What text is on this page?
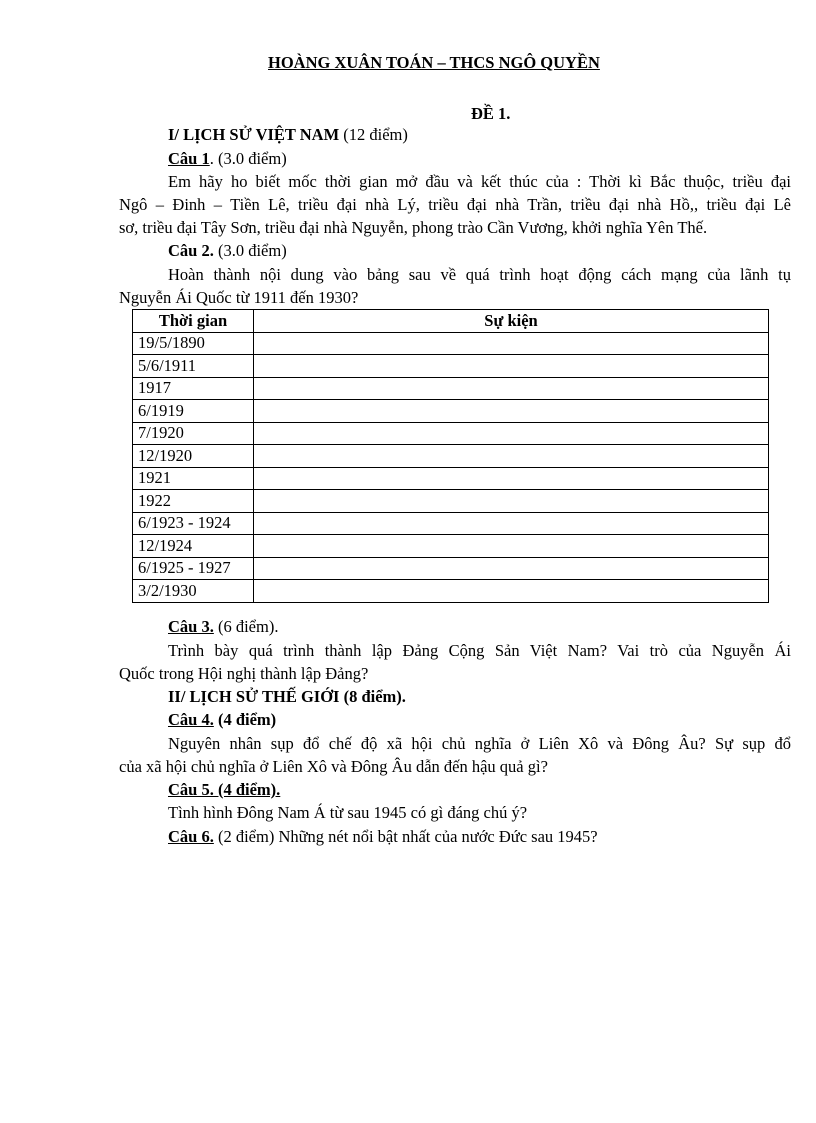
HOÀNG XUÂN TOÁN – THCS NGÔ QUYỀN
ĐỀ 1.
I/ LỊCH SỬ VIỆT NAM (12 điểm)
Câu 1. (3.0 điểm)
Em hãy ho biết mốc thời gian mở đầu và kết thúc của : Thời kì Bắc thuộc, triều đại
Ngô – Đinh – Tiền Lê, triều đại nhà Lý, triều đại nhà Trần, triều đại nhà Hồ,, triều đại Lê
sơ, triều đại Tây Sơn, triều đại nhà Nguyễn, phong trào Cần Vương, khởi nghĩa Yên Thế.
Câu 2. (3.0 điểm)
Hoàn thành nội dung vào bảng sau về quá trình hoạt động cách mạng của lãnh tụ
Nguyễn Ái Quốc từ 1911 đến 1930?
Thời gian	Sự kiện
19/5/1890	
5/6/1911	
1917	
6/1919	
7/1920	
12/1920	
1921	
1922	
6/1923 - 1924	
12/1924	
6/1925 - 1927	
3/2/1930	
Câu 3. (6 điểm).
Trình bày quá trình thành lập Đảng Cộng Sản Việt Nam? Vai trò của Nguyễn Ái
Quốc trong Hội nghị thành lập Đảng?
II/ LỊCH SỬ THẾ GIỚI (8 điểm).
Câu 4. (4 điểm)
Nguyên nhân sụp đổ chế độ xã hội chủ nghĩa ở Liên Xô và Đông Âu? Sự sụp đổ
của xã hội chủ nghĩa ở Liên Xô và Đông Âu dẫn đến hậu quả gì?
Câu 5. (4 điểm).
Tình hình Đông Nam Á từ sau 1945 có gì đáng chú ý?
Câu 6. (2 điểm) Những nét nổi bật nhất của nước Đức sau 1945?
